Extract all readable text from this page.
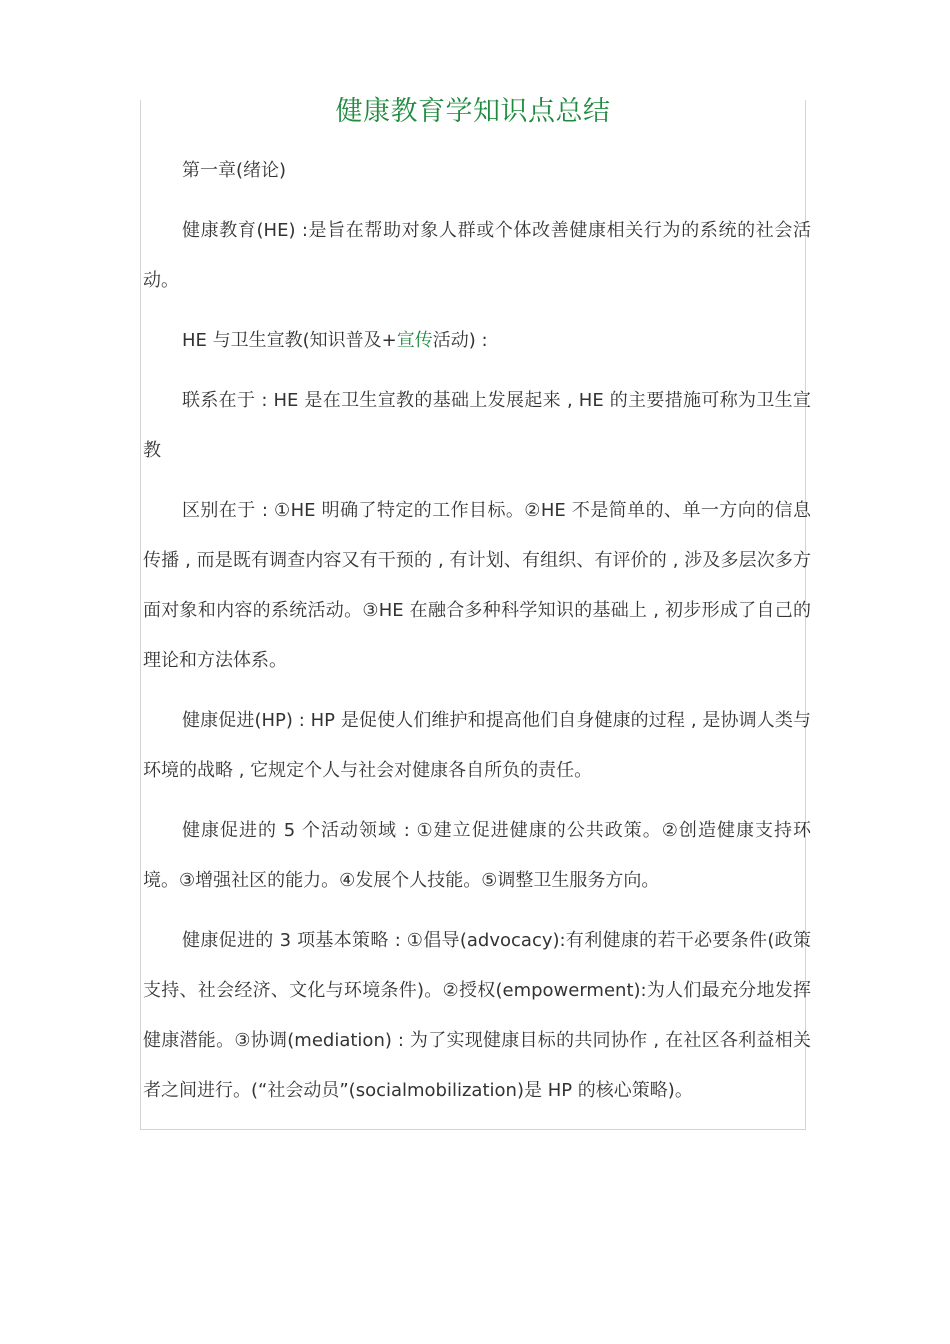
健康教育学知识点总结

第一章(绪论)

健康教育(HE) :是旨在帮助对象人群或个体改善健康相关行为的系统的社会活动。

HE 与卫生宣教(知识普及+宣传活动) :

联系在于 : HE 是在卫生宣教的基础上发展起来 , HE 的主要措施可称为卫生宣教

区别在于 : ①HE 明确了特定的工作目标。②HE 不是简单的、单一方向的信息传播 , 而是既有调查内容又有干预的 , 有计划、有组织、有评价的 , 涉及多层次多方面对象和内容的系统活动。③HE 在融合多种科学知识的基础上 , 初步形成了自己的理论和方法体系。

健康促进(HP) : HP 是促使人们维护和提高他们自身健康的过程 , 是协调人类与环境的战略 , 它规定个人与社会对健康各自所负的责任。

健康促进的 5 个活动领域 : ①建立促进健康的公共政策。②创造健康支持环境。③增强社区的能力。④发展个人技能。⑤调整卫生服务方向。

健康促进的 3 项基本策略 : ①倡导(advocacy):有利健康的若干必要条件(政策支持、社会经济、文化与环境条件)。②授权(empowerment):为人们最充分地发挥健康潜能。③协调(mediation) : 为了实现健康目标的共同协作 , 在社区各利益相关者之间进行。(“社会动员”(socialmobilization)是 HP 的核心策略)。
